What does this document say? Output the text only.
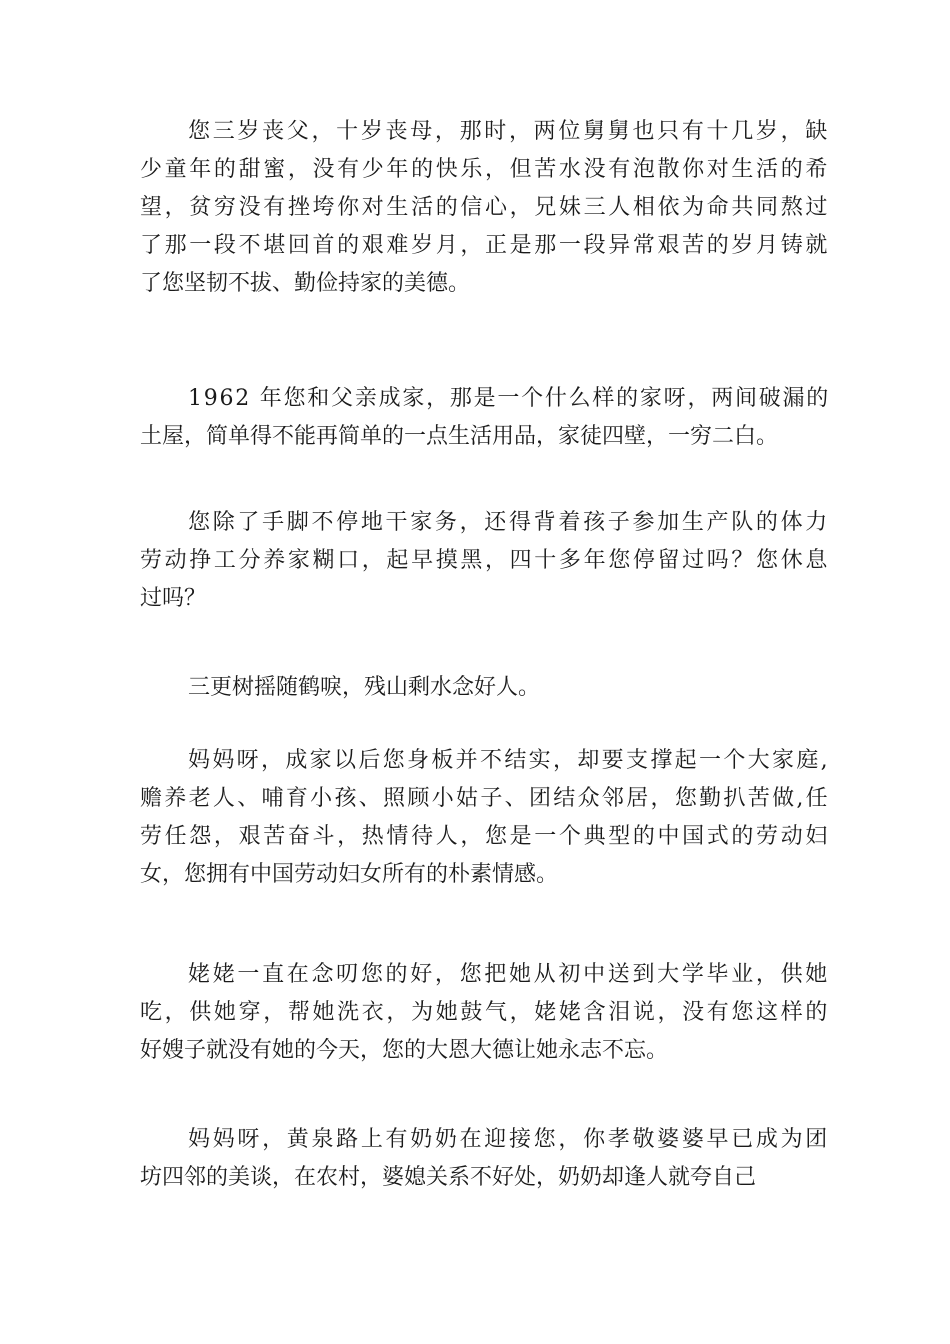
您三岁丧父，十岁丧母，那时，两位舅舅也只有十几岁，缺
少童年的甜蜜，没有少年的快乐，但苦水没有泡散你对生活的希
望，贫穷没有挫垮你对生活的信心，兄妹三人相依为命共同熬过
了那一段不堪回首的艰难岁月，正是那一段异常艰苦的岁月铸就
了您坚韧不拔、勤俭持家的美德。
1962 年您和父亲成家，那是一个什么样的家呀，两间破漏的
土屋，简单得不能再简单的一点生活用品，家徒四壁，一穷二白。
您除了手脚不停地干家务，还得背着孩子参加生产队的体力
劳动挣工分养家糊口，起早摸黑，四十多年您停留过吗？您休息
过吗？
三更树摇随鹤唳，残山剩水念好人。
妈妈呀，成家以后您身板并不结实，却要支撑起一个大家庭,
赡养老人、哺育小孩、照顾小姑子、团结众邻居，您勤扒苦做,任
劳任怨，艰苦奋斗，热情待人，您是一个典型的中国式的劳动妇
女，您拥有中国劳动妇女所有的朴素情感。
姥姥一直在念叨您的好，您把她从初中送到大学毕业，供她
吃，供她穿，帮她洗衣，为她鼓气，姥姥含泪说，没有您这样的
好嫂子就没有她的今天，您的大恩大德让她永志不忘。
妈妈呀，黄泉路上有奶奶在迎接您，你孝敬婆婆早已成为团
坊四邻的美谈，在农村，婆媳关系不好处，奶奶却逢人就夸自己
